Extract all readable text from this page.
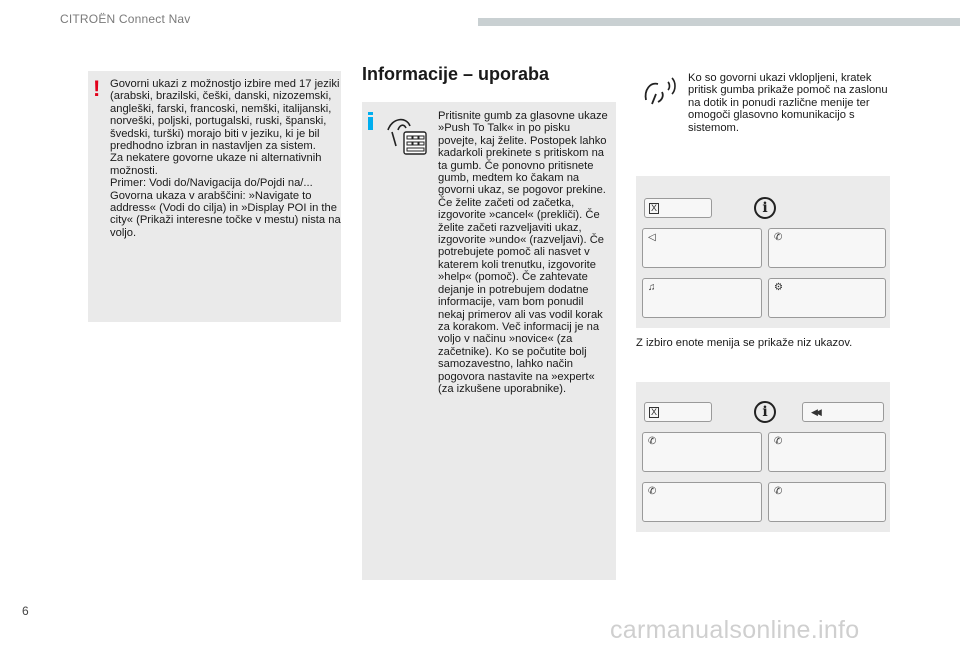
CITROËN Connect Nav
! Govorni ukazi z možnostjo izbire med 17 jeziki (arabski, brazilski, češki, danski, nizozemski, angleški, farski, francoski, nemški, italijanski, norveški, poljski, portugalski, ruski, španski, švedski, turški) morajo biti v jeziku, ki je bil predhodno izbran in nastavljen za sistem.
Za nekatere govorne ukaze ni alternativnih možnosti.
Primer: Vodi do/Navigacija do/Pojdi na/...
Govorna ukaza v arabščini: »Navigate to address« (Vodi do cilja) in »Display POI in the city« (Prikaži interesne točke v mestu) nista na voljo.
Informacije – uporaba
Pritisnite gumb za glasovne ukaze »Push To Talk« in po pisku povejte, kaj želite. Postopek lahko kadarkoli prekinete s pritiskom na ta gumb. Če ponovno pritisnete gumb, medtem ko čakam na govorni ukaz, se pogovor prekine. Če želite začeti od začetka, izgovorite »cancel« (prekliči). Če želite začeti razveljaviti ukaz, izgovorite »undo« (razveljavi). Če potrebujete pomoč ali nasvet v katerem koli trenutku, izgovorite »help« (pomoč). Če zahtevate dejanje in potrebujem dodatne informacije, vam bom ponudil nekaj primerov ali vas vodil korak za korakom. Več informacij je na voljo v načinu »novice« (za začetnike). Ko se počutite bolj samozavestno, lahko način pogovora nastavite na »expert« (za izkušene uporabnike).
Ko so govorni ukazi vklopljeni, kratek pritisk gumba prikaže pomoč na zaslonu na dotik in ponudi različne menije ter omogoči glasovno komunikacijo s sistemom.
X	i
◁	✆
♫	⚙
Z izbiro enote menija se prikaže niz ukazov.
X	i	◀◀
✆	✆
✆	✆
6
carmanualsonline.info
